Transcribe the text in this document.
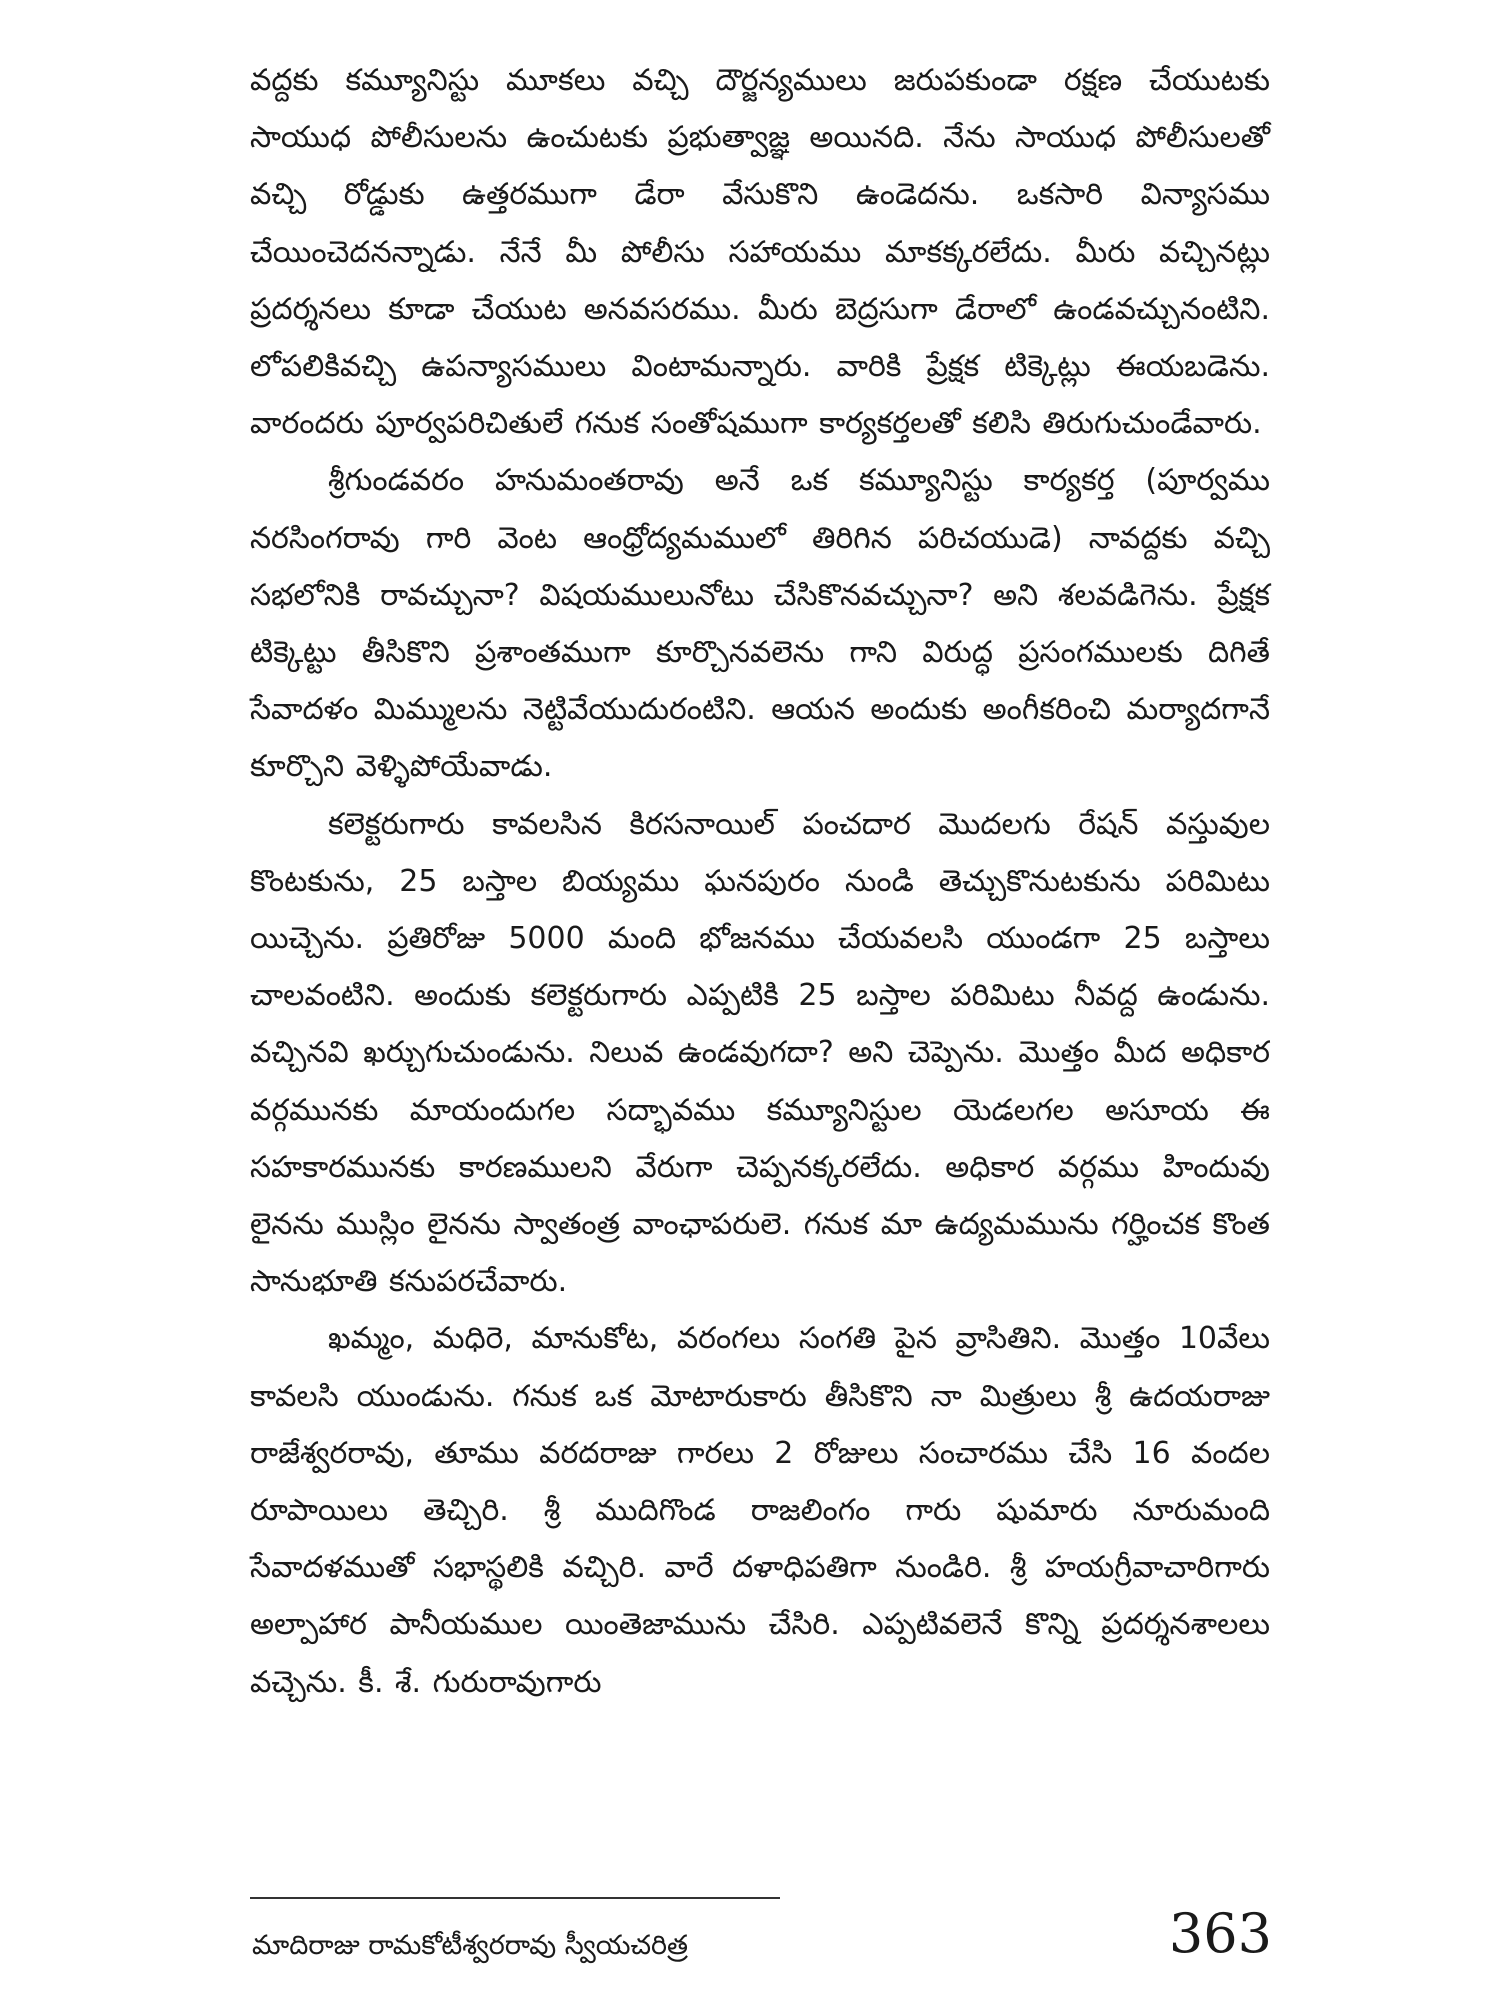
వద్దకు కమ్యూనిస్టు మూకలు వచ్చి దౌర్జన్యములు జరుపకుండా రక్షణ చేయుటకు సాయుధ పోలీసులను ఉంచుటకు ప్రభుత్వాజ్ఞ అయినది. నేను సాయుధ పోలీసులతో వచ్చి రోడ్డుకు ఉత్తరముగా డేరా వేసుకొని ఉండెదను. ఒకసారి విన్యాసము చేయించెదనన్నాడు. నేనే మీ పోలీసు సహాయము మాకక్కరలేదు. మీరు వచ్చినట్లు ప్రదర్శనలు కూడా చేయుట అనవసరము. మీరు బెద్రసుగా డేరాలో ఉండవచ్చునంటిని. లోపలికివచ్చి ఉపన్యాసములు వింటామన్నారు. వారికి ప్రేక్షక టిక్కెట్లు ఈయబడెను. వారందరు పూర్వపరిచితులే గనుక సంతోషముగా కార్యకర్తలతో కలిసి తిరుగుచుండేవారు.

శ్రీగుండవరం హనుమంతరావు అనే ఒక కమ్యూనిస్టు కార్యకర్త (పూర్వము నరసింగరావు గారి వెంట ఆంధ్రోద్యమములో తిరిగిన పరిచయుడె) నావద్దకు వచ్చి సభలోనికి రావచ్చునా? విషయములునోటు చేసికొనవచ్చునా? అని శలవడిగెను. ప్రేక్షక టిక్కెట్టు తీసికొని ప్రశాంతముగా కూర్చొనవలెను గాని విరుద్ధ ప్రసంగములకు దిగితే సేవాదళం మిమ్ములను నెట్టివేయుదురంటిని. ఆయన అందుకు అంగీకరించి మర్యాదగానే కూర్చొని వెళ్ళిపోయేవాడు.

కలెక్టరుగారు కావలసిన కిరసనాయిల్ పంచదార మొదలగు రేషన్ వస్తువుల కొంటకును, 25 బస్తాల బియ్యము ఘనపురం నుండి తెచ్చుకొనుటకును పరిమిటు యిచ్చెను. ప్రతిరోజు 5000 మంది భోజనము చేయవలసి యుండగా 25 బస్తాలు చాలవంటిని. అందుకు కలెక్టరుగారు ఎప్పటికి 25 బస్తాల పరిమిటు నీవద్ద ఉండును. వచ్చినవి ఖర్చుగుచుండును. నిలువ ఉండవుగదా? అని చెప్పెను. మొత్తం మీద అధికార వర్గమునకు మాయందుగల సద్భావము కమ్యూనిస్టుల యెడలగల అసూయ ఈ సహకారమునకు కారణములని వేరుగా చెప్పనక్కరలేదు. అధికార వర్గము హిందువు లైనను ముస్లిం లైనను స్వాతంత్ర వాంఛాపరులె. గనుక మా ఉద్యమమును గర్హించక కొంత సానుభూతి కనుపరచేవారు.

ఖమ్మం, మధిరె, మానుకోట, వరంగలు సంగతి పైన వ్రాసితిని. మొత్తం 10వేలు కావలసి యుండును. గనుక ఒక మోటారుకారు తీసికొని నా మిత్రులు శ్రీ ఉదయరాజు రాజేశ్వరరావు, తూము వరదరాజు గారలు 2 రోజులు సంచారము చేసి 16 వందల రూపాయిలు తెచ్చిరి. శ్రీ ముదిగొండ రాజలింగం గారు షుమారు నూరుమంది సేవాదళముతో సభాస్థలికి వచ్చిరి. వారే దళాధిపతిగా నుండిరి. శ్రీ హయగ్రీవాచారిగారు అల్పాహార పానీయముల యింతెజామును చేసిరి. ఎప్పటివలెనే కొన్ని ప్రదర్శనశాలలు వచ్చెను. కీ. శే. గురురావుగారు

మాదిరాజు రామకోటీశ్వరరావు స్వీయచరిత్ర	363
